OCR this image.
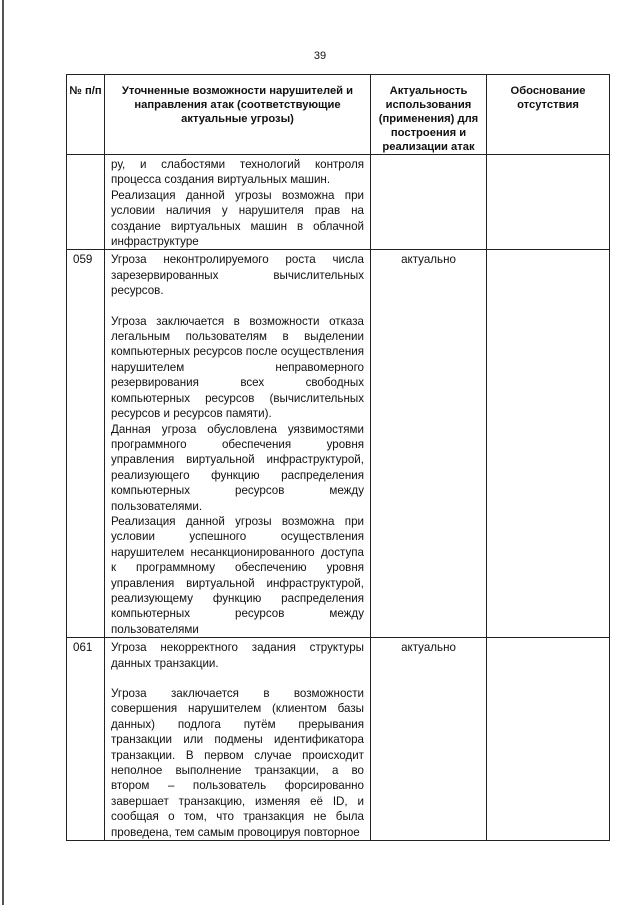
39
№ п/п	Уточненные возможности нарушителей и направления атак (соответствующие актуальные угрозы)	Актуальность использования (применения) для построения и реализации атак	Обоснование отсутствия

	ру, и слабостями технологий контроля процесса создания виртуальных машин.
Реализация данной угрозы возможна при условии наличия у нарушителя прав на создание виртуальных машин в облачной инфраструктуре		

059	Угроза неконтролируемого роста числа зарезервированных вычислительных ресурсов.
Угроза заключается в возможности отказа легальным пользователям в выделении компьютерных ресурсов после осуществления нарушителем неправомерного резервирования всех свободных компьютерных ресурсов (вычислительных ресурсов и ресурсов памяти).
Данная угроза обусловлена уязвимостями программного обеспечения уровня управления виртуальной инфраструктурой, реализующего функцию распределения компьютерных ресурсов между пользователями.
Реализация данной угрозы возможна при условии успешного осуществления нарушителем несанкционированного доступа к программному обеспечению уровня управления виртуальной инфраструктурой, реализующему функцию распределения компьютерных ресурсов между пользователями	актуально	
061	Угроза некорректного задания структуры данных транзакции.
Угроза заключается в возможности совершения нарушителем (клиентом базы данных) подлога путём прерывания транзакции или подмены идентификатора транзакции. В первом случае происходит неполное выполнение транзакции, а во втором – пользователь форсированно завершает транзакцию, изменяя её ID, и сообщая о том, что транзакция не была проведена, тем самым провоцируя повторное	актуально	
